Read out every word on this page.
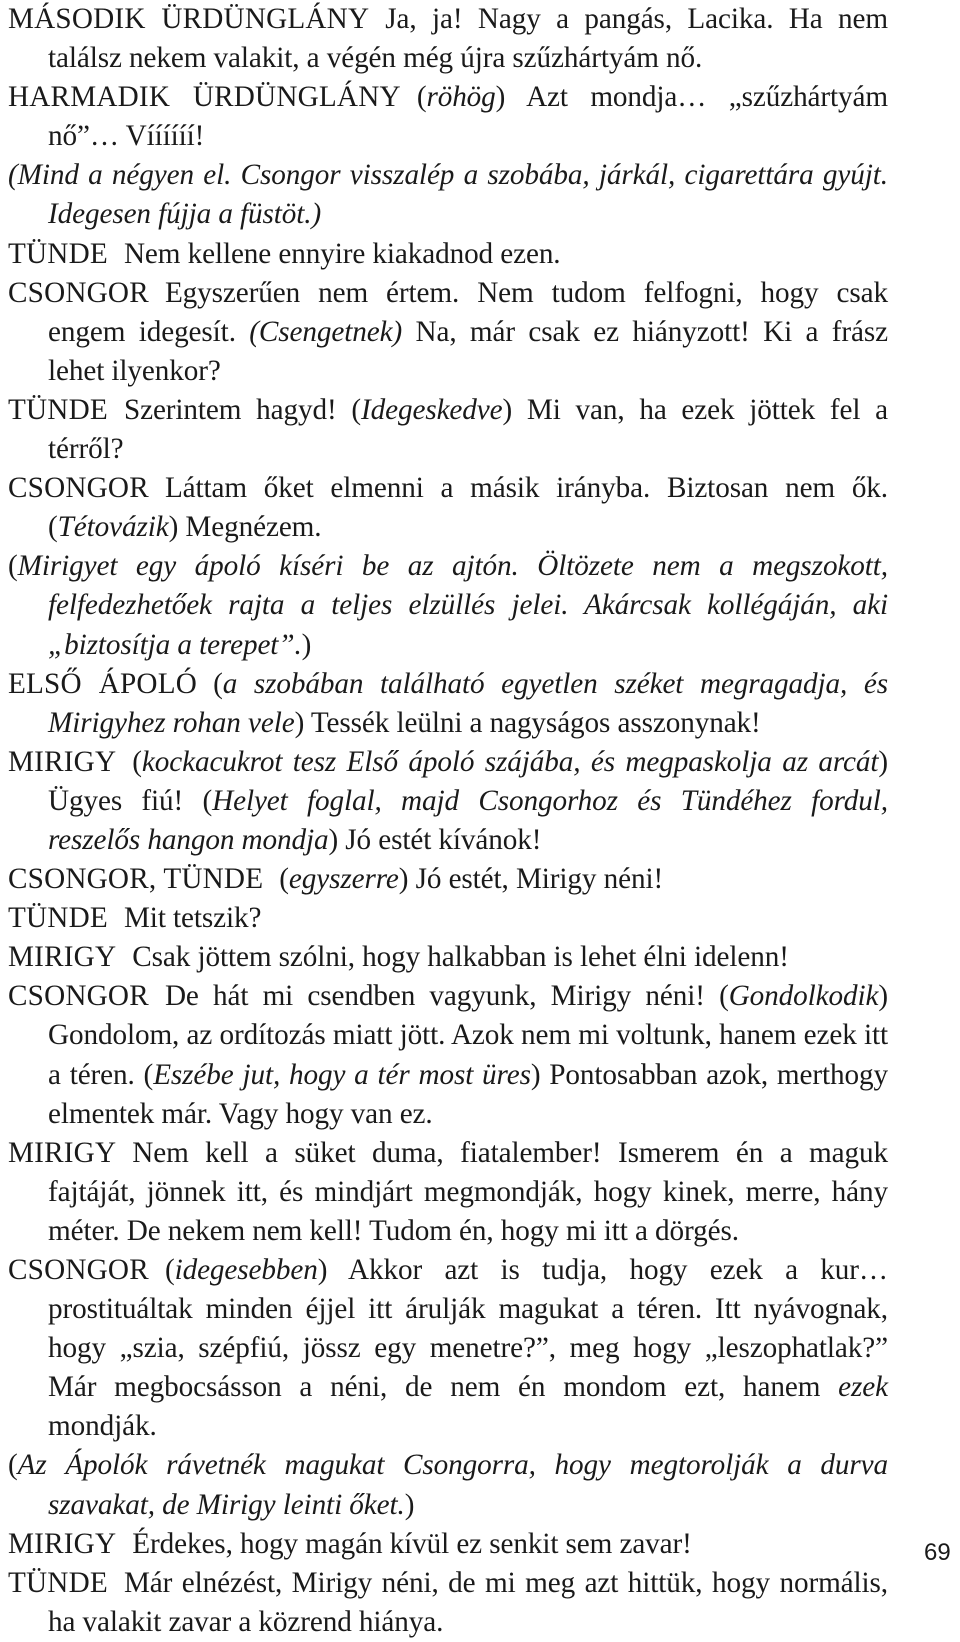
MÁSODIK ÜRDÜNGLÁNY Ja, ja! Nagy a pangás, Lacika. Ha nem találsz nekem valakit, a végén még újra szűzhártyám nő.

HARMADIK ÜRDÜNGLÁNY (röhög) Azt mondja… „szűzhártyám nő”… Víííííí!

(Mind a négyen el. Csongor visszalép a szobába, járkál, cigarettára gyújt. Idegesen fújja a füstöt.)

TÜNDE Nem kellene ennyire kiakadnod ezen.

CSONGOR Egyszerűen nem értem. Nem tudom felfogni, hogy csak engem idegesít. (Csengetnek) Na, már csak ez hiányzott! Ki a frász lehet ilyenkor?

TÜNDE Szerintem hagyd! (Idegeskedve) Mi van, ha ezek jöttek fel a térről?

CSONGOR Láttam őket elmenni a másik irányba. Biztosan nem ők. (Tétovázik) Megnézem.

(Mirigyet egy ápoló kíséri be az ajtón. Öltözete nem a megszokott, felfedezhetőek rajta a teljes elzüllés jelei. Akárcsak kollégáján, aki „biztosítja a terepet”.)

ELSŐ ÁPOLÓ (a szobában található egyetlen széket megragadja, és Mirigyhez rohan vele) Tessék leülni a nagyságos asszonynak!

MIRIGY (kockacukrot tesz Első ápoló szájába, és megpaskolja az arcát) Ügyes fiú! (Helyet foglal, majd Csongorhoz és Tündéhez fordul, reszelős hangon mondja) Jó estét kívánok!

CSONGOR, TÜNDE (egyszerre) Jó estét, Mirigy néni!

TÜNDE Mit tetszik?

MIRIGY Csak jöttem szólni, hogy halkabban is lehet élni idelenn!

CSONGOR De hát mi csendben vagyunk, Mirigy néni! (Gondolkodik) Gondolom, az ordítozás miatt jött. Azok nem mi voltunk, hanem ezek itt a téren. (Eszébe jut, hogy a tér most üres) Pontosabban azok, merthogy elmentek már. Vagy hogy van ez.

MIRIGY Nem kell a süket duma, fiatalember! Ismerem én a maguk fajtáját, jönnek itt, és mindjárt megmondják, hogy kinek, merre, hány méter. De nekem nem kell! Tudom én, hogy mi itt a dörgés.

CSONGOR (idegesebben) Akkor azt is tudja, hogy ezek a kur… prostituáltak minden éjjel itt árulják magukat a téren. Itt nyávognak, hogy „szia, szépfiú, jössz egy menetre?”, meg hogy „leszophatlak?” Már megbocsásson a néni, de nem én mondom ezt, hanem ezek mondják.

(Az Ápolók rávetnék magukat Csongorra, hogy megtorolják a durva szavakat, de Mirigy leinti őket.)

MIRIGY Érdekes, hogy magán kívül ez senkit sem zavar!

TÜNDE Már elnézést, Mirigy néni, de mi meg azt hittük, hogy normális, ha valakit zavar a közrend hiánya.

69
